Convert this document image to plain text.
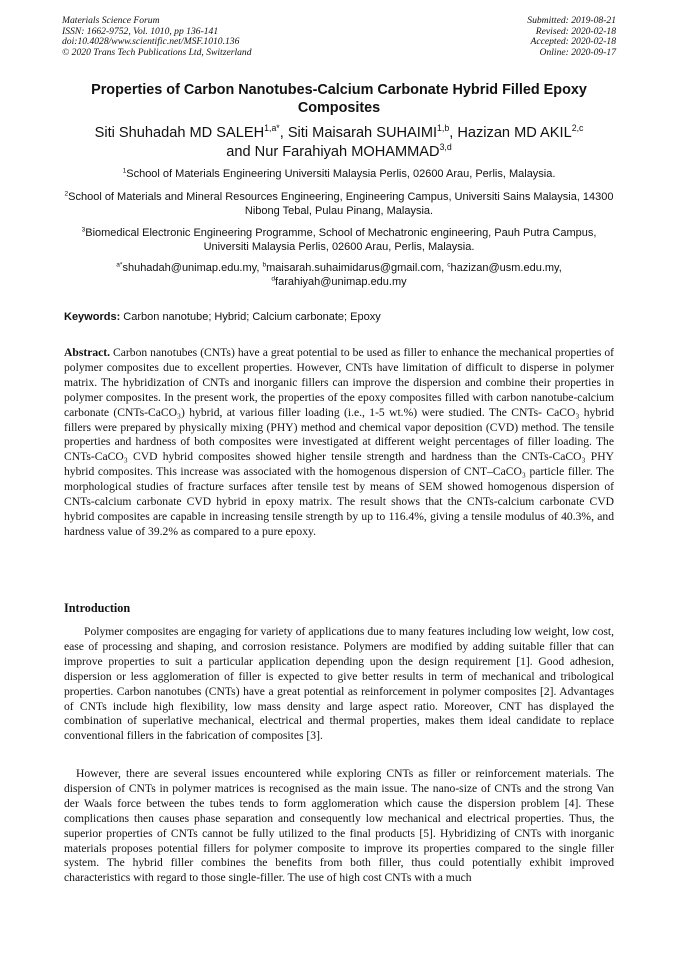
Materials Science Forum
ISSN: 1662-9752, Vol. 1010, pp 136-141
doi:10.4028/www.scientific.net/MSF.1010.136
© 2020 Trans Tech Publications Ltd, Switzerland
Submitted: 2019-08-21
Revised: 2020-02-18
Accepted: 2020-02-18
Online: 2020-09-17
Properties of Carbon Nanotubes-Calcium Carbonate Hybrid Filled Epoxy Composites
Siti Shuhadah MD $SALEH^{1,a*}$, Siti Maisarah SUHAIMI$^{1,b}$, Hazizan MD AKIL$^{2,c}$
and Nur Farahiyah MOHAMMAD$^{3,d}$
$^1$School of Materials Engineering Universiti Malaysia Perlis, 02600 Arau, Perlis, Malaysia.
$^2$School of Materials and Mineral Resources Engineering, Engineering Campus, Universiti Sains Malaysia, 14300 Nibong Tebal, Pulau Pinang, Malaysia.
$^3$Biomedical Electronic Engineering Programme, School of Mechatronic engineering, Pauh Putra Campus, Universiti Malaysia Perlis, 02600 Arau, Perlis, Malaysia.
$^{a*}$shuhadah@unimap.edu.my, $^b$maisarah.suhaimidarus@gmail.com, $^c$hazizan@usm.edu.my,
$^d$farahiyah@unimap.edu.my
Keywords: Carbon nanotube; Hybrid; Calcium carbonate; Epoxy
Abstract. Carbon nanotubes (CNTs) have a great potential to be used as filler to enhance the mechanical properties of polymer composites due to excellent properties. However, CNTs have limitation of difficult to disperse in polymer matrix. The hybridization of CNTs and inorganic fillers can improve the dispersion and combine their properties in polymer composites. In the present work, the properties of the epoxy composites filled with carbon nanotube-calcium carbonate (CNTs-CaCO₃) hybrid, at various filler loading (i.e., 1-5 wt.%) were studied. The CNTs- CaCO₃ hybrid fillers were prepared by physically mixing (PHY) method and chemical vapor deposition (CVD) method. The tensile properties and hardness of both composites were investigated at different weight percentages of filler loading. The CNTs-CaCO₃ CVD hybrid composites showed higher tensile strength and hardness than the CNTs-CaCO₃ PHY hybrid composites. This increase was associated with the homogenous dispersion of CNT–CaCO₃ particle filler. The morphological studies of fracture surfaces after tensile test by means of SEM showed homogenous dispersion of CNTs-calcium carbonate CVD hybrid in epoxy matrix. The result shows that the CNTs-calcium carbonate CVD hybrid composites are capable in increasing tensile strength by up to 116.4%, giving a tensile modulus of 40.3%, and hardness value of 39.2% as compared to a pure epoxy.
Introduction

Polymer composites are engaging for variety of applications due to many features including low weight, low cost, ease of processing and shaping, and corrosion resistance. Polymers are modified by adding suitable filler that can improve properties to suit a particular application depending upon the design requirement [1]. Good adhesion, dispersion or less agglomeration of filler is expected to give better results in term of mechanical and tribological properties. Carbon nanotubes (CNTs) have a great potential as reinforcement in polymer composites [2]. Advantages of CNTs include high flexibility, low mass density and large aspect ratio. Moreover, CNT has displayed the combination of superlative mechanical, electrical and thermal properties, makes them ideal candidate to replace conventional fillers in the fabrication of composites [3].

However, there are several issues encountered while exploring CNTs as filler or reinforcement materials. The dispersion of CNTs in polymer matrices is recognised as the main issue. The nano-size of CNTs and the strong Van der Waals force between the tubes tends to form agglomeration which cause the dispersion problem [4]. These complications then causes phase separation and consequently low mechanical and electrical properties. Thus, the superior properties of CNTs cannot be fully utilized to the final products [5]. Hybridizing of CNTs with inorganic materials proposes potential fillers for polymer composite to improve its properties compared to the single filler system. The hybrid filler combines the benefits from both filler, thus could potentially exhibit improved characteristics with regard to those single-filler. The use of high cost CNTs with a much
